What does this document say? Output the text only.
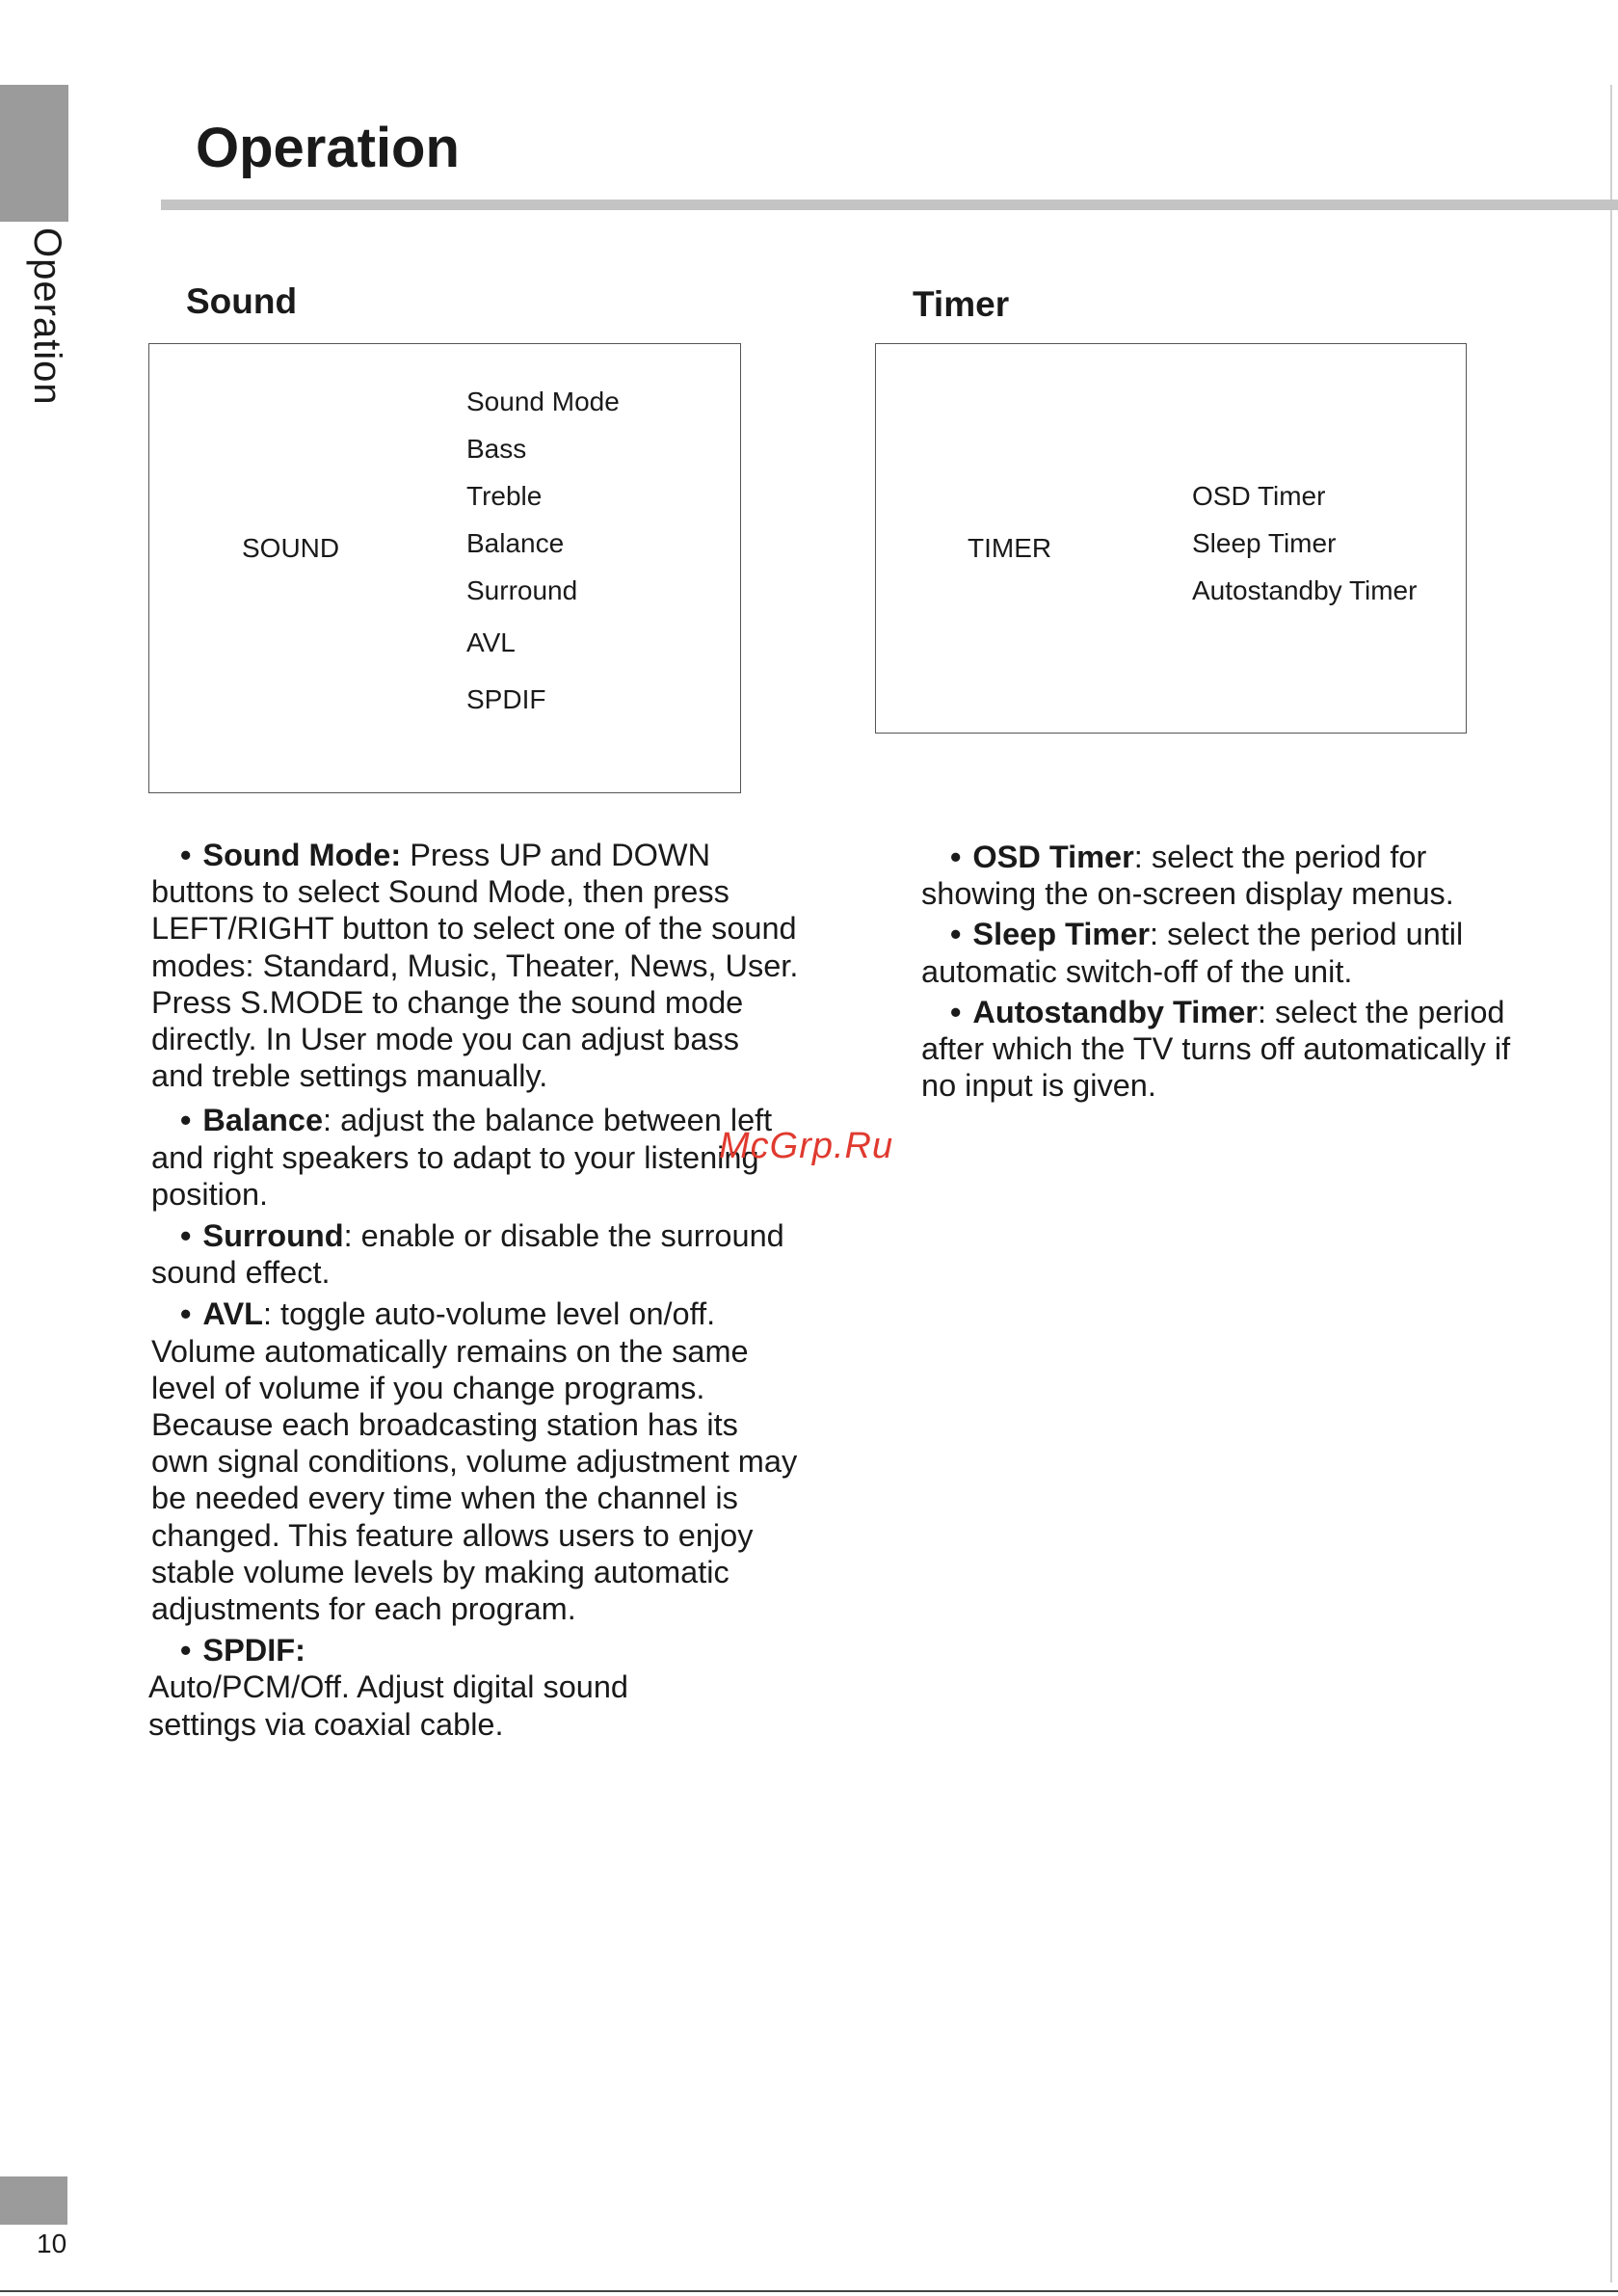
Operation
Operation
Sound
SOUND
Sound Mode
Bass
Treble
Balance
Surround
AVL
SPDIF

• Sound Mode: Press UP and DOWN buttons to select Sound Mode, then press LEFT/RIGHT button to select one of the sound modes: Standard, Music, Theater, News, User. Press S.MODE to change the sound mode directly. In User mode you can adjust bass and treble settings manually.

• Balance: adjust the balance between left and right speakers to adapt to your listening position.

• Surround: enable or disable the surround sound effect.

• AVL: toggle auto-volume level on/off. Volume automatically remains on the same level of volume if you change programs. Because each broadcasting station has its own signal conditions, volume adjustment may be needed every time when the channel is changed. This feature allows users to enjoy stable volume levels by making automatic adjustments for each program.

• SPDIF:

Auto/PCM/Off. Adjust digital sound settings via coaxial cable.

Timer
TIMER
OSD Timer
Sleep Timer
Autostandby Timer

• OSD Timer: select the period for showing the on-screen display menus.

• Sleep Timer: select the period until automatic switch-off of the unit.

• Autostandby Timer: select the period after which the TV turns off automatically if no input is given.

McGrp.Ru
10
